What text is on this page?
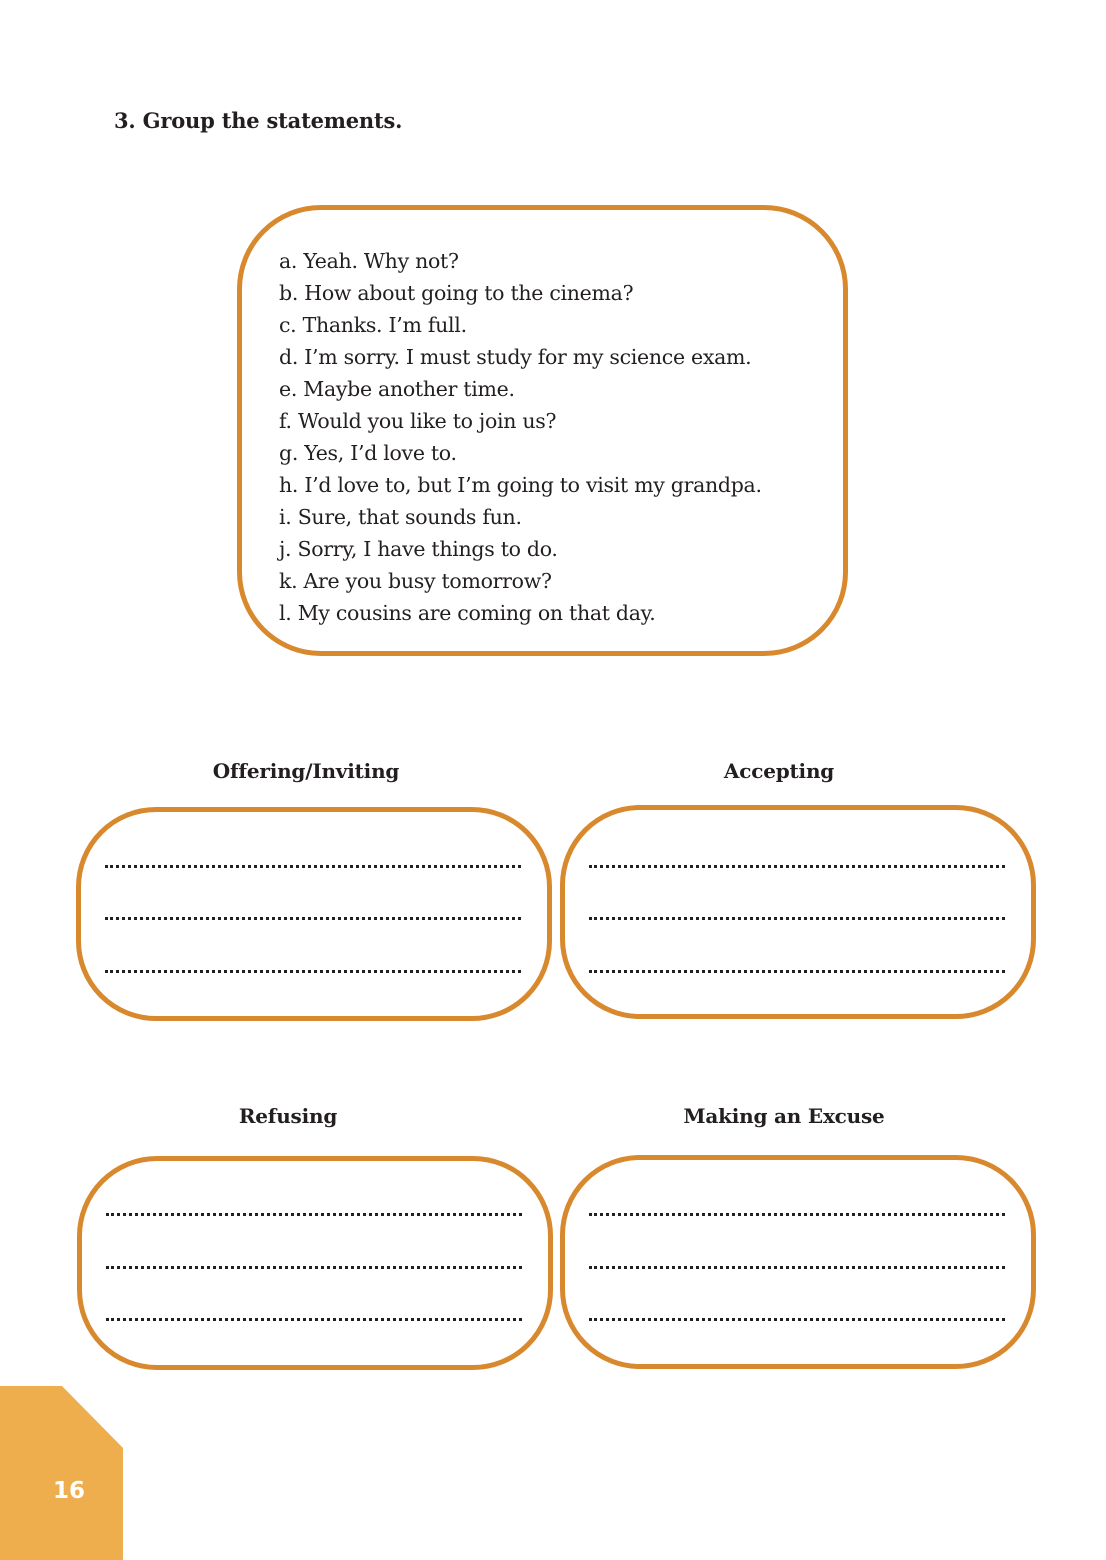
3. Group the statements.
a. Yeah. Why not?
b. How about going to the cinema?
c. Thanks. I’m full.
d. I’m sorry. I must study for my science exam.
e. Maybe another time.
f. Would you like to join us?
g. Yes, I’d love to.
h. I’d love to, but I’m going to visit my grandpa.
i. Sure, that sounds fun.
j. Sorry, I have things to do.
k. Are you busy tomorrow?
l. My cousins are coming on that day.
Offering/Inviting	Accepting
Refusing	Making an Excuse
16
